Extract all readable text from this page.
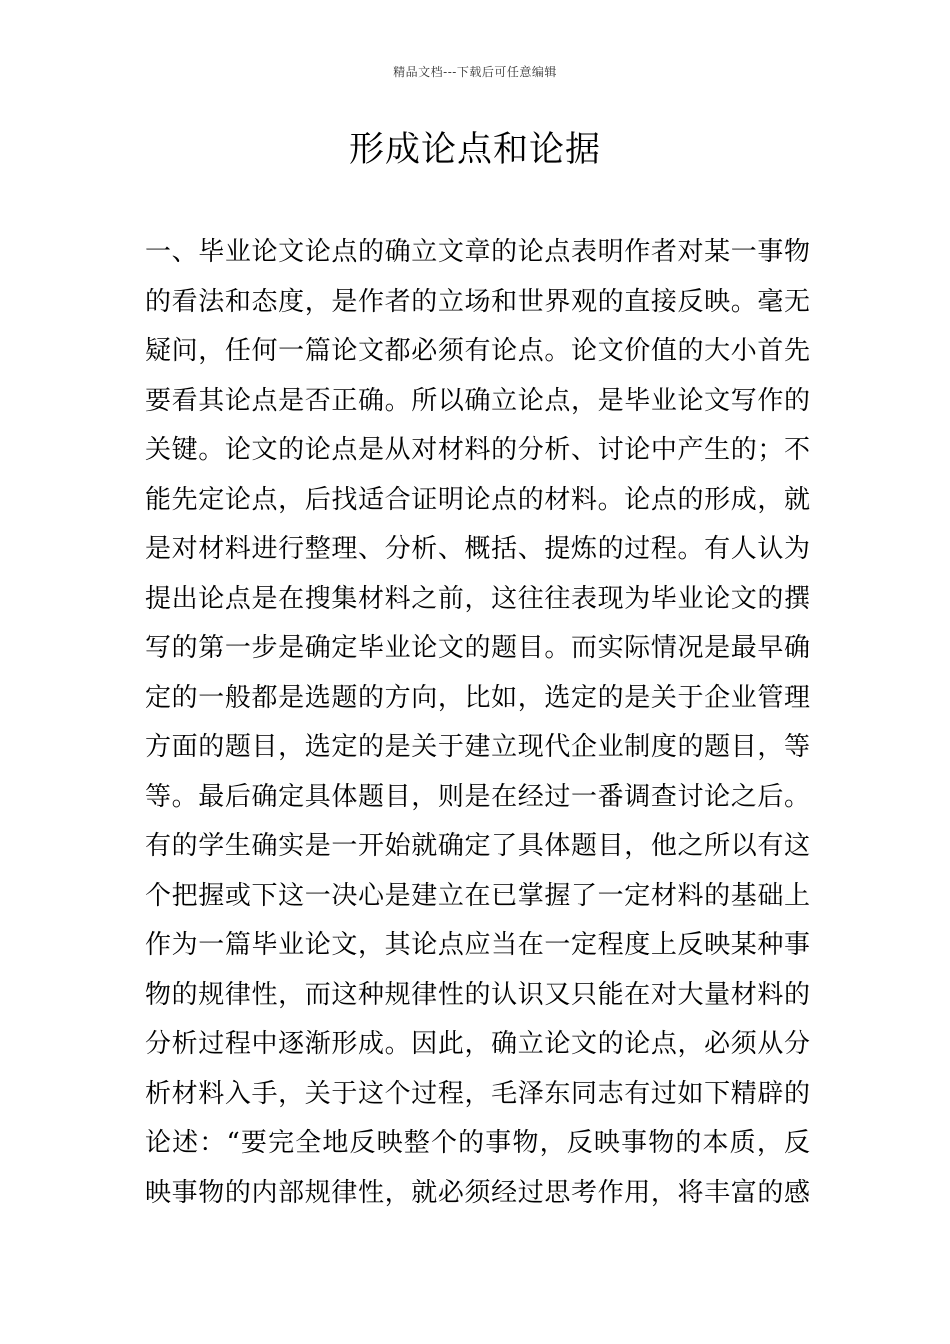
精品文档---下载后可任意编辑
形成论点和论据
一、毕业论文论点的确立文章的论点表明作者对某一事物
的看法和态度，是作者的立场和世界观的直接反映。毫无
疑问，任何一篇论文都必须有论点。论文价值的大小首先
要看其论点是否正确。所以确立论点，是毕业论文写作的
关键。论文的论点是从对材料的分析、讨论中产生的；不
能先定论点，后找适合证明论点的材料。论点的形成，就
是对材料进行整理、分析、概括、提炼的过程。有人认为
提出论点是在搜集材料之前，这往往表现为毕业论文的撰
写的第一步是确定毕业论文的题目。而实际情况是最早确
定的一般都是选题的方向，比如，选定的是关于企业管理
方面的题目，选定的是关于建立现代企业制度的题目，等
等。最后确定具体题目，则是在经过一番调查讨论之后。
有的学生确实是一开始就确定了具体题目，他之所以有这
个把握或下这一决心是建立在已掌握了一定材料的基础上
作为一篇毕业论文，其论点应当在一定程度上反映某种事
物的规律性，而这种规律性的认识又只能在对大量材料的
分析过程中逐渐形成。因此，确立论文的论点，必须从分
析材料入手，关于这个过程，毛泽东同志有过如下精辟的
论述：“要完全地反映整个的事物，反映事物的本质，反
映事物的内部规律性，就必须经过思考作用，将丰富的感
